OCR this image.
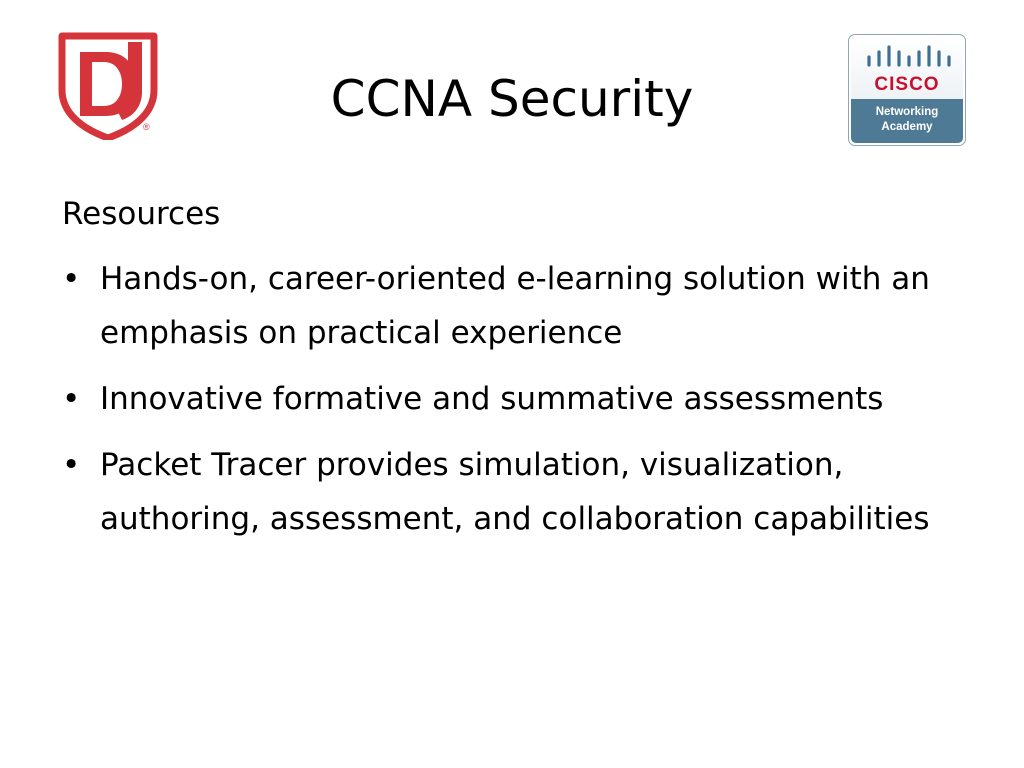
®	CCNA Security	CISCO
Networking
Academy
Resources
• Hands-on, career-oriented e-learning solution with an emphasis on practical experience
• Innovative formative and summative assessments
• Packet Tracer provides simulation, visualization, authoring, assessment, and collaboration capabilities
